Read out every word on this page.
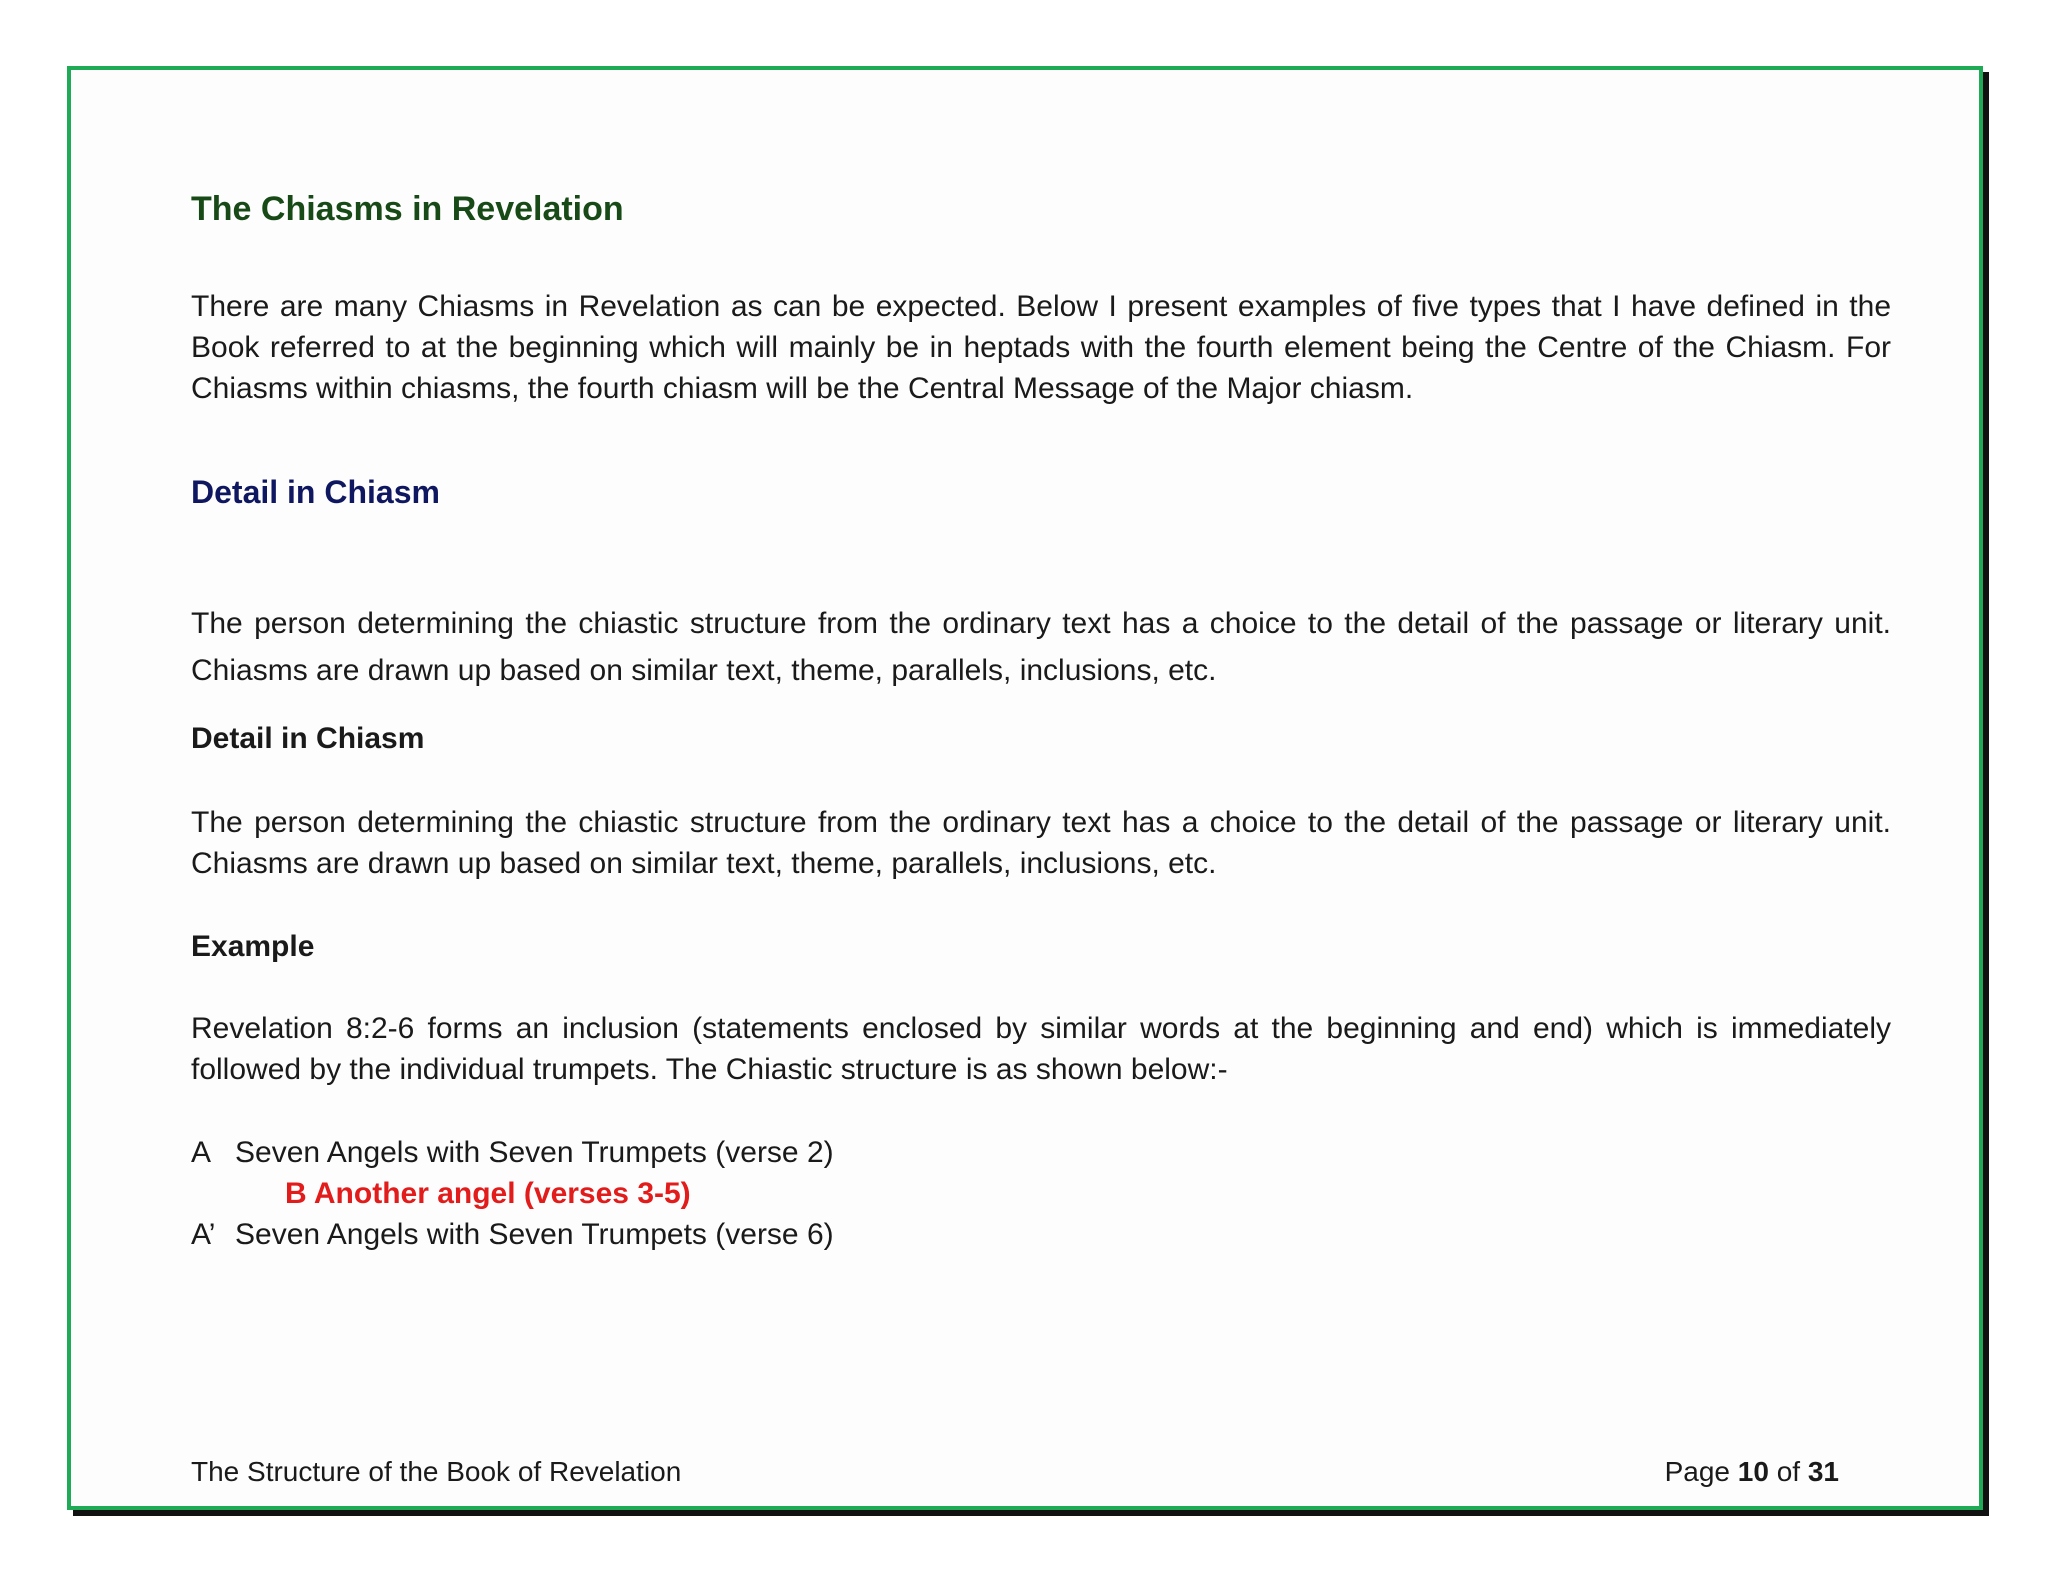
The Chiasms in Revelation

There are many Chiasms in Revelation as can be expected. Below I present examples of five types that I have defined in the Book referred to at the beginning which will mainly be in heptads with the fourth element being the Centre of the Chiasm. For Chiasms within chiasms, the fourth chiasm will be the Central Message of the Major chiasm.

Detail in Chiasm

The person determining the chiastic structure from the ordinary text has a choice to the detail of the passage or literary unit. Chiasms are drawn up based on similar text, theme, parallels, inclusions, etc.

Detail in Chiasm

The person determining the chiastic structure from the ordinary text has a choice to the detail of the passage or literary unit. Chiasms are drawn up based on similar text, theme, parallels, inclusions, etc.

Example

Revelation 8:2-6 forms an inclusion (statements enclosed by similar words at the beginning and end) which is immediately followed by the individual trumpets. The Chiastic structure is as shown below:-

A Seven Angels with Seven Trumpets (verse 2)
B Another angel (verses 3-5)
A’ Seven Angels with Seven Trumpets (verse 6)
The Structure of the Book of Revelation	Page 10 of 31
